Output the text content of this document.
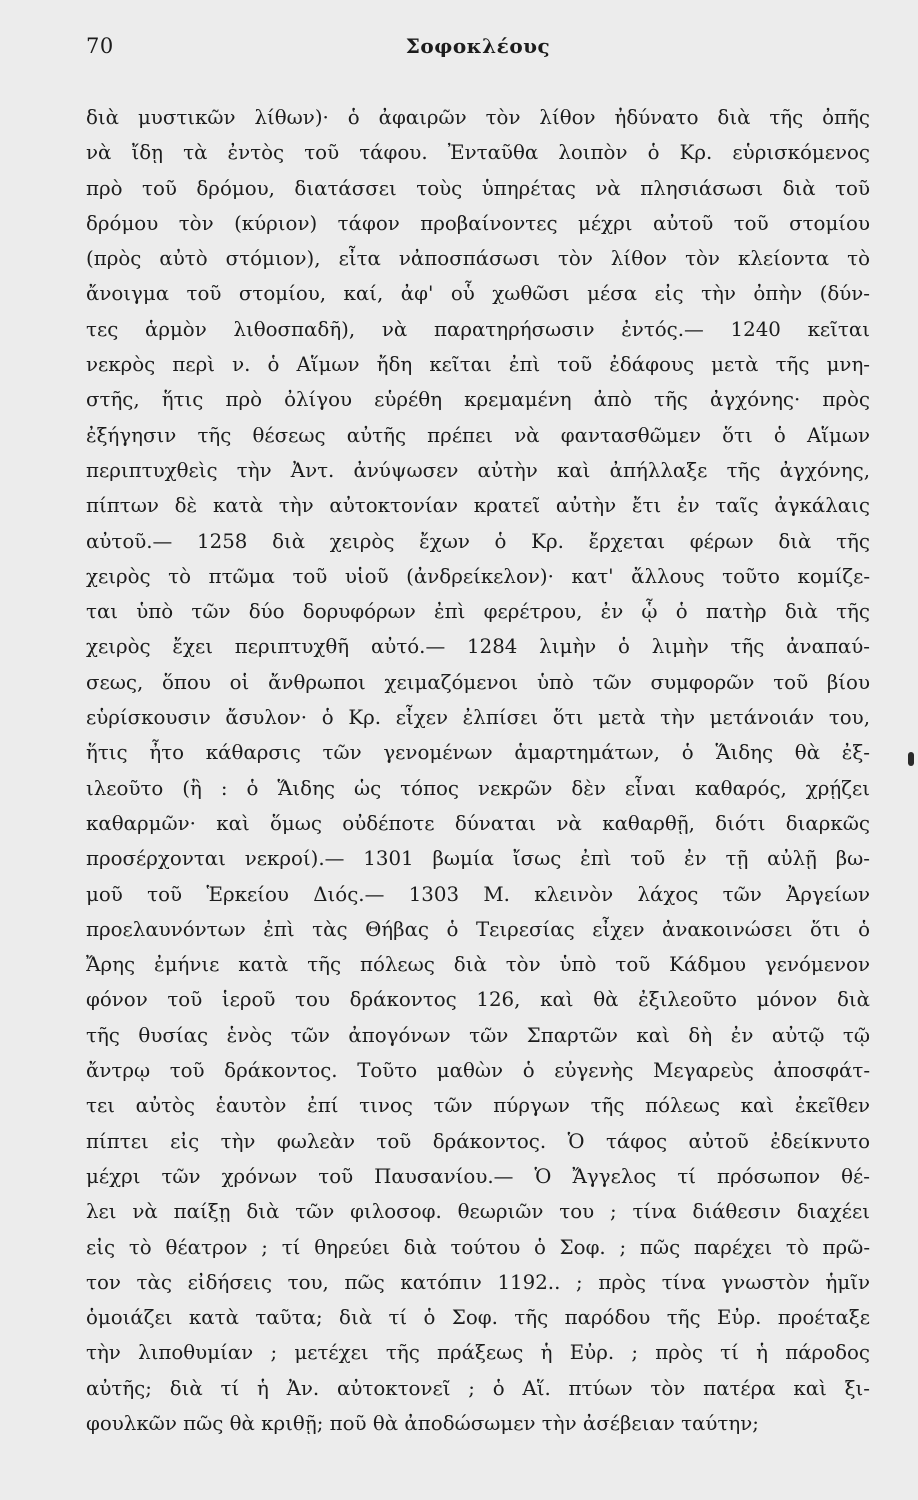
70	Σοφοκλέους
διὰ μυστικῶν λίθων)· ὁ ἀφαιρῶν τὸν λίθον ἠδύνατο διὰ τῆς ὀπῆς
νὰ ἴδῃ τὰ ἐντὸς τοῦ τάφου. Ἐνταῦθα λοιπὸν ὁ Κρ. εὑρισκόμενος
πρὸ τοῦ δρόμου, διατάσσει τοὺς ὑπηρέτας νὰ πλησιάσωσι διὰ τοῦ
δρόμου τὸν (κύριον) τάφον προβαίνοντες μέχρι αὐτοῦ τοῦ στομίου
(πρὸς αὐτὸ στόμιον), εἶτα νἀποσπάσωσι τὸν λίθον τὸν κλείοντα τὸ
ἄνοιγμα τοῦ στομίου, καί, ἀφ' οὗ χωθῶσι μέσα εἰς τὴν ὀπὴν (δύν-
τες ἁρμὸν λιθοσπαδῆ), νὰ παρατηρήσωσιν ἐντός.— 1240 κεῖται
νεκρὸς περὶ ν. ὁ Αἵμων ἤδη κεῖται ἐπὶ τοῦ ἐδάφους μετὰ τῆς μνη-
στῆς, ἥτις πρὸ ὀλίγου εὑρέθη κρεμαμένη ἀπὸ τῆς ἀγχόνης· πρὸς
ἐξήγησιν τῆς θέσεως αὐτῆς πρέπει νὰ φαντασθῶμεν ὅτι ὁ Αἵμων
περιπτυχθεὶς τὴν Ἀντ. ἀνύψωσεν αὐτὴν καὶ ἀπήλλαξε τῆς ἀγχόνης,
πίπτων δὲ κατὰ τὴν αὐτοκτονίαν κρατεῖ αὐτὴν ἔτι ἐν ταῖς ἀγκάλαις
αὐτοῦ.— 1258 διὰ χειρὸς ἔχων ὁ Κρ. ἔρχεται φέρων διὰ τῆς
χειρὸς τὸ πτῶμα τοῦ υἱοῦ (ἀνδρείκελον)· κατ' ἄλλους τοῦτο κομίζε-
ται ὑπὸ τῶν δύο δορυφόρων ἐπὶ φερέτρου, ἐν ᾧ ὁ πατὴρ διὰ τῆς
χειρὸς ἔχει περιπτυχθῆ αὐτό.— 1284 λιμὴν ὁ λιμὴν τῆς ἀναπαύ-
σεως, ὅπου οἱ ἄνθρωποι χειμαζόμενοι ὑπὸ τῶν συμφορῶν τοῦ βίου
εὑρίσκουσιν ἄσυλον· ὁ Κρ. εἶχεν ἐλπίσει ὅτι μετὰ τὴν μετάνοιάν του,
ἥτις ἦτο κάθαρσις τῶν γενομένων ἁμαρτημάτων, ὁ Ἅιδης θὰ ἐξ-
ιλεοῦτο (ἢ : ὁ Ἅιδης ὡς τόπος νεκρῶν δὲν εἶναι καθαρός, χρῄζει
καθαρμῶν· καὶ ὅμως οὐδέποτε δύναται νὰ καθαρθῇ, διότι διαρκῶς
προσέρχονται νεκροί).— 1301 βωμία ἴσως ἐπὶ τοῦ ἐν τῇ αὐλῇ βω-
μοῦ τοῦ Ἑρκείου Διός.— 1303 Μ. κλεινὸν λάχος τῶν Ἀργείων
προελαυνόντων ἐπὶ τὰς Θήβας ὁ Τειρεσίας εἶχεν ἀνακοινώσει ὅτι ὁ
Ἄρης ἐμήνιε κατὰ τῆς πόλεως διὰ τὸν ὑπὸ τοῦ Κάδμου γενόμενον
φόνον τοῦ ἱεροῦ του δράκοντος 126, καὶ θὰ ἐξιλεοῦτο μόνον διὰ
τῆς θυσίας ἑνὸς τῶν ἀπογόνων τῶν Σπαρτῶν καὶ δὴ ἐν αὐτῷ τῷ
ἄντρῳ τοῦ δράκοντος. Τοῦτο μαθὼν ὁ εὐγενὴς Μεγαρεὺς ἀποσφάτ-
τει αὐτὸς ἑαυτὸν ἐπί τινος τῶν πύργων τῆς πόλεως καὶ ἐκεῖθεν
πίπτει εἰς τὴν φωλεὰν τοῦ δράκοντος. Ὁ τάφος αὐτοῦ ἐδείκνυτο
μέχρι τῶν χρόνων τοῦ Παυσανίου.— Ὁ Ἄγγελος τί πρόσωπον θέ-
λει νὰ παίξῃ διὰ τῶν φιλοσοφ. θεωριῶν του ; τίνα διάθεσιν διαχέει
εἰς τὸ θέατρον ; τί θηρεύει διὰ τούτου ὁ Σοφ. ; πῶς παρέχει τὸ πρῶ-
τον τὰς εἰδήσεις του, πῶς κατόπιν 1192.. ; πρὸς τίνα γνωστὸν ἡμῖν
ὁμοιάζει κατὰ ταῦτα; διὰ τί ὁ Σοφ. τῆς παρόδου τῆς Εὐρ. προέταξε
τὴν λιποθυμίαν ; μετέχει τῆς πράξεως ἡ Εὐρ. ; πρὸς τί ἡ πάροδος
αὐτῆς; διὰ τί ἡ Ἀν. αὐτοκτονεῖ ; ὁ Αἵ. πτύων τὸν πατέρα καὶ ξι-
φουλκῶν πῶς θὰ κριθῇ; ποῦ θὰ ἀποδώσωμεν τὴν ἀσέβειαν ταύτην;
